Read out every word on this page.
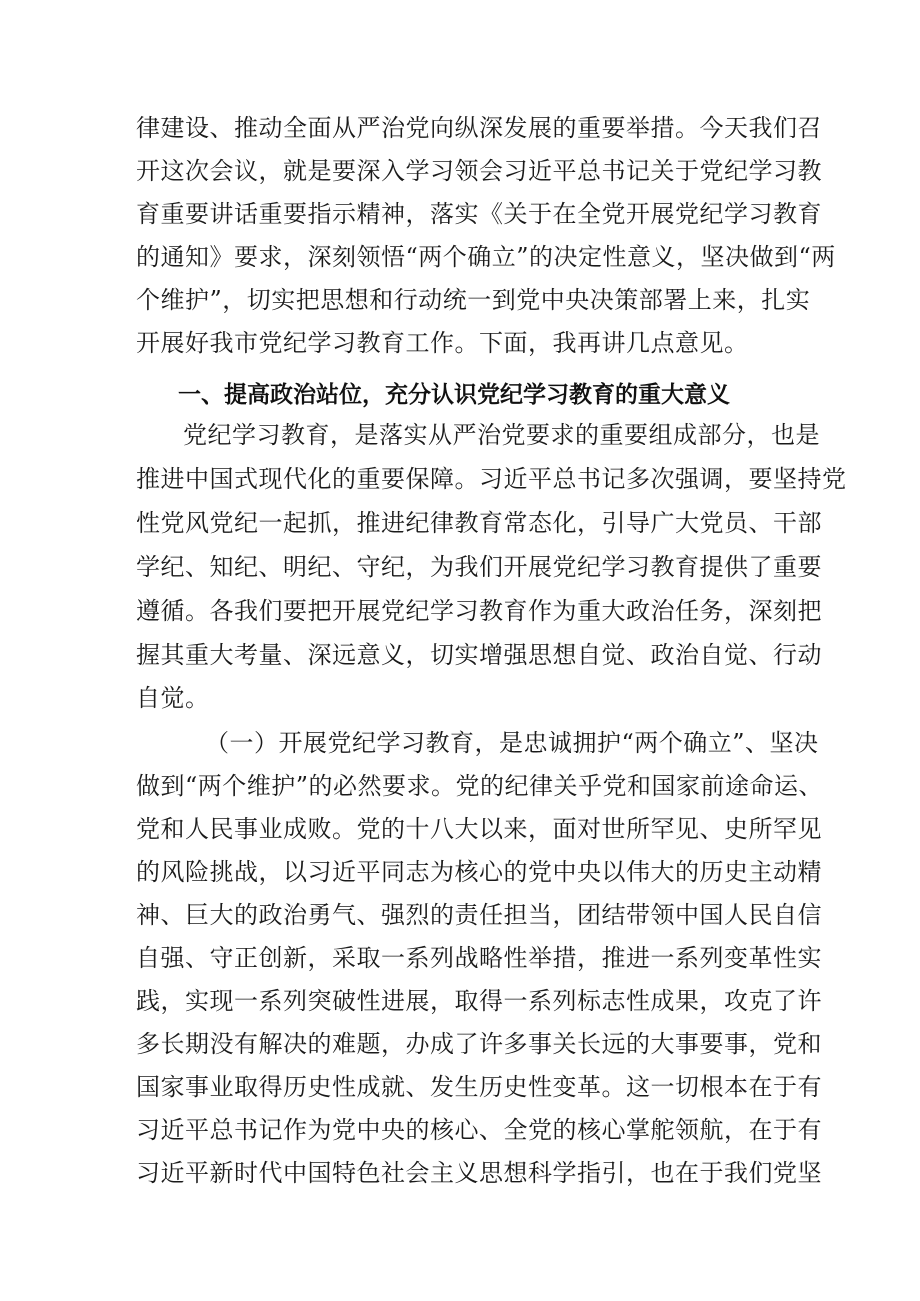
律建设、推动全面从严治党向纵深发展的重要举措。今天我们召
开这次会议，就是要深入学习领会习近平总书记关于党纪学习教
育重要讲话重要指示精神，落实《关于在全党开展党纪学习教育
的通知》要求，深刻领悟“两个确立”的决定性意义，坚决做到“两
个维护”，切实把思想和行动统一到党中央决策部署上来，扎实
开展好我市党纪学习教育工作。下面，我再讲几点意见。
一、提高政治站位，充分认识党纪学习教育的重大意义
党纪学习教育，是落实从严治党要求的重要组成部分，也是
推进中国式现代化的重要保障。习近平总书记多次强调，要坚持党
性党风党纪一起抓，推进纪律教育常态化，引导广大党员、干部
学纪、知纪、明纪、守纪，为我们开展党纪学习教育提供了重要
遵循。各我们要把开展党纪学习教育作为重大政治任务，深刻把
握其重大考量、深远意义，切实增强思想自觉、政治自觉、行动
自觉。
（一）开展党纪学习教育，是忠诚拥护“两个确立”、坚决
做到“两个维护”的必然要求。党的纪律关乎党和国家前途命运、
党和人民事业成败。党的十八大以来，面对世所罕见、史所罕见
的风险挑战，以习近平同志为核心的党中央以伟大的历史主动精
神、巨大的政治勇气、强烈的责任担当，团结带领中国人民自信
自强、守正创新，采取一系列战略性举措，推进一系列变革性实
践，实现一系列突破性进展，取得一系列标志性成果，攻克了许
多长期没有解决的难题，办成了许多事关长远的大事要事，党和
国家事业取得历史性成就、发生历史性变革。这一切根本在于有
习近平总书记作为党中央的核心、全党的核心掌舵领航，在于有
习近平新时代中国特色社会主义思想科学指引，也在于我们党坚
